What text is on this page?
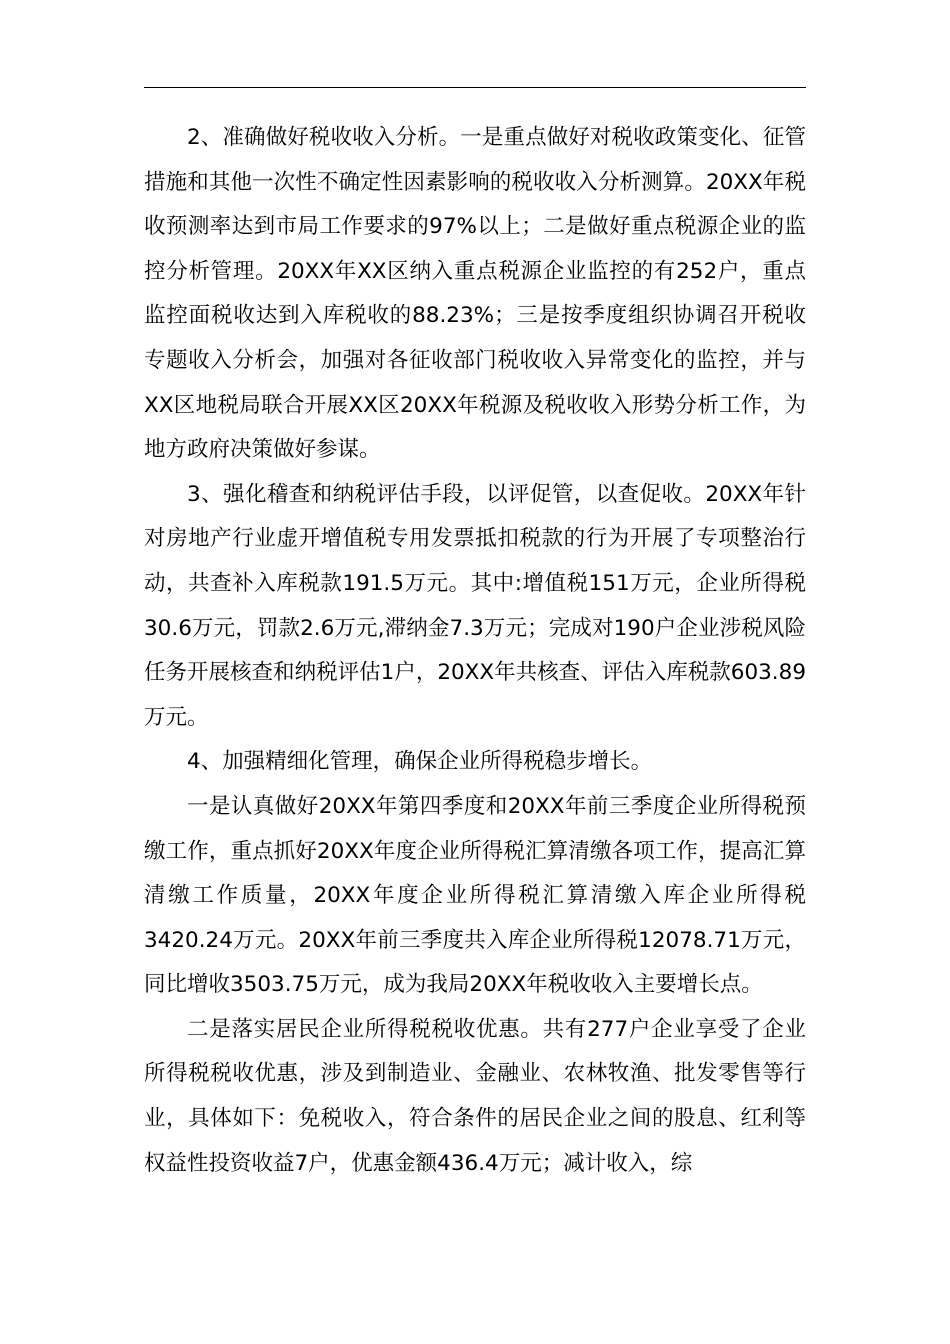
2、准确做好税收收入分析。一是重点做好对税收政策变化、征管措施和其他一次性不确定性因素影响的税收收入分析测算。20XX年税收预测率达到市局工作要求的97%以上；二是做好重点税源企业的监控分析管理。20XX年XX区纳入重点税源企业监控的有252户，重点监控面税收达到入库税收的88.23%；三是按季度组织协调召开税收专题收入分析会，加强对各征收部门税收收入异常变化的监控，并与XX区地税局联合开展XX区20XX年税源及税收收入形势分析工作，为地方政府决策做好参谋。

3、强化稽查和纳税评估手段，以评促管，以查促收。20XX年针对房地产行业虚开增值税专用发票抵扣税款的行为开展了专项整治行动，共查补入库税款191.5万元。其中:增值税151万元，企业所得税30.6万元，罚款2.6万元,滞纳金7.3万元；完成对190户企业涉税风险任务开展核查和纳税评估1户，20XX年共核查、评估入库税款603.89万元。

4、加强精细化管理，确保企业所得税稳步增长。

一是认真做好20XX年第四季度和20XX年前三季度企业所得税预缴工作，重点抓好20XX年度企业所得税汇算清缴各项工作，提高汇算清缴工作质量，20XX年度企业所得税汇算清缴入库企业所得税3420.24万元。20XX年前三季度共入库企业所得税12078.71万元，同比增收3503.75万元，成为我局20XX年税收收入主要增长点。

二是落实居民企业所得税税收优惠。共有277户企业享受了企业所得税税收优惠，涉及到制造业、金融业、农林牧渔、批发零售等行业，具体如下：免税收入，符合条件的居民企业之间的股息、红利等权益性投资收益7户，优惠金额436.4万元；减计收入，综
